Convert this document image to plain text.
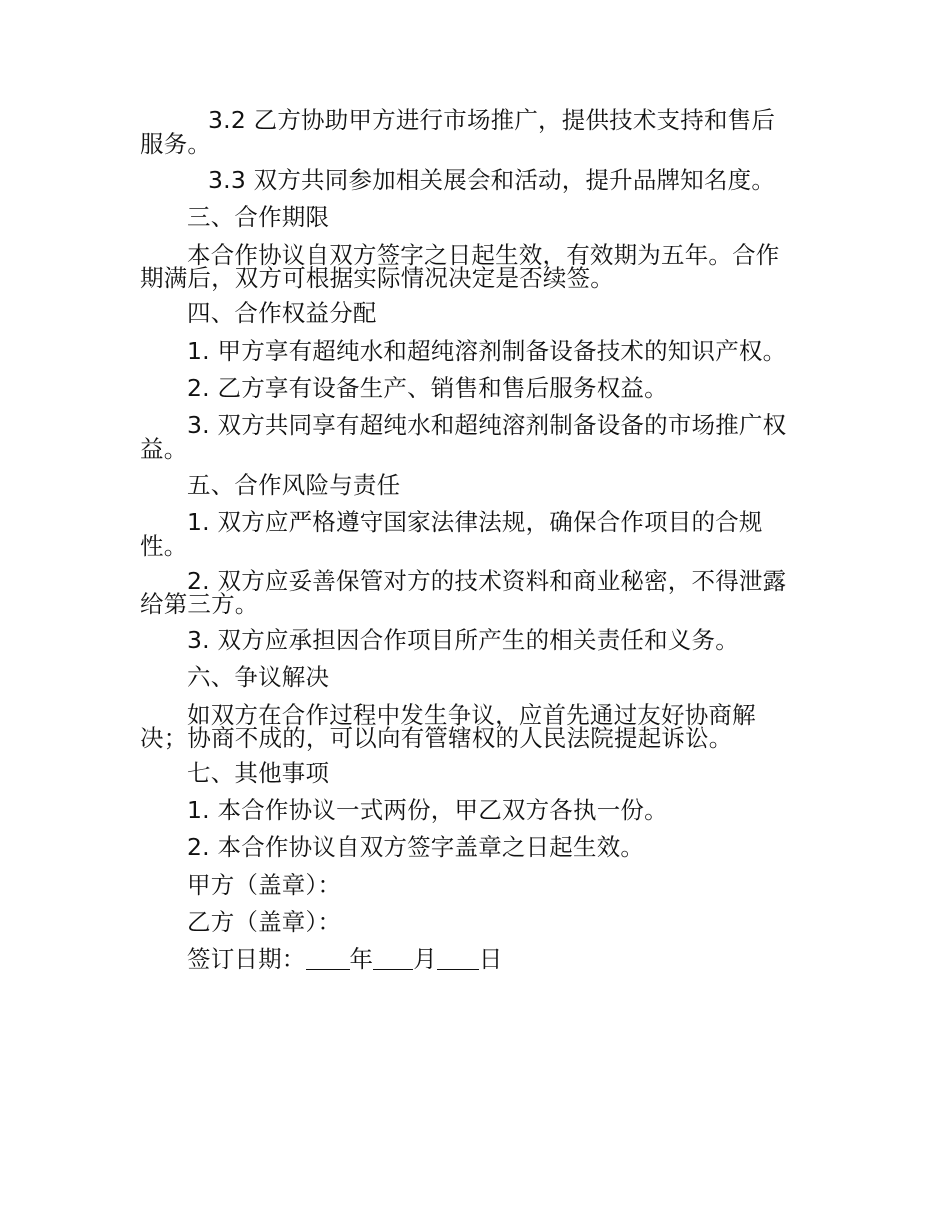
3.2 乙方协助甲方进行市场推广，提供技术支持和售后

服务。

3.3 双方共同参加相关展会和活动，提升品牌知名度。

三、合作期限

本合作协议自双方签字之日起生效，有效期为五年。合作

期满后，双方可根据实际情况决定是否续签。

四、合作权益分配

1. 甲方享有超纯水和超纯溶剂制备设备技术的知识产权。

2. 乙方享有设备生产、销售和售后服务权益。

3. 双方共同享有超纯水和超纯溶剂制备设备的市场推广权

益。

五、合作风险与责任

1. 双方应严格遵守国家法律法规，确保合作项目的合规

性。

2. 双方应妥善保管对方的技术资料和商业秘密，不得泄露

给第三方。

3. 双方应承担因合作项目所产生的相关责任和义务。

六、争议解决

如双方在合作过程中发生争议，应首先通过友好协商解

决；协商不成的，可以向有管辖权的人民法院提起诉讼。

七、其他事项

1. 本合作协议一式两份，甲乙双方各执一份。

2. 本合作协议自双方签字盖章之日起生效。

甲方（盖章）：

乙方（盖章）：

签订日期： 年 月 日
